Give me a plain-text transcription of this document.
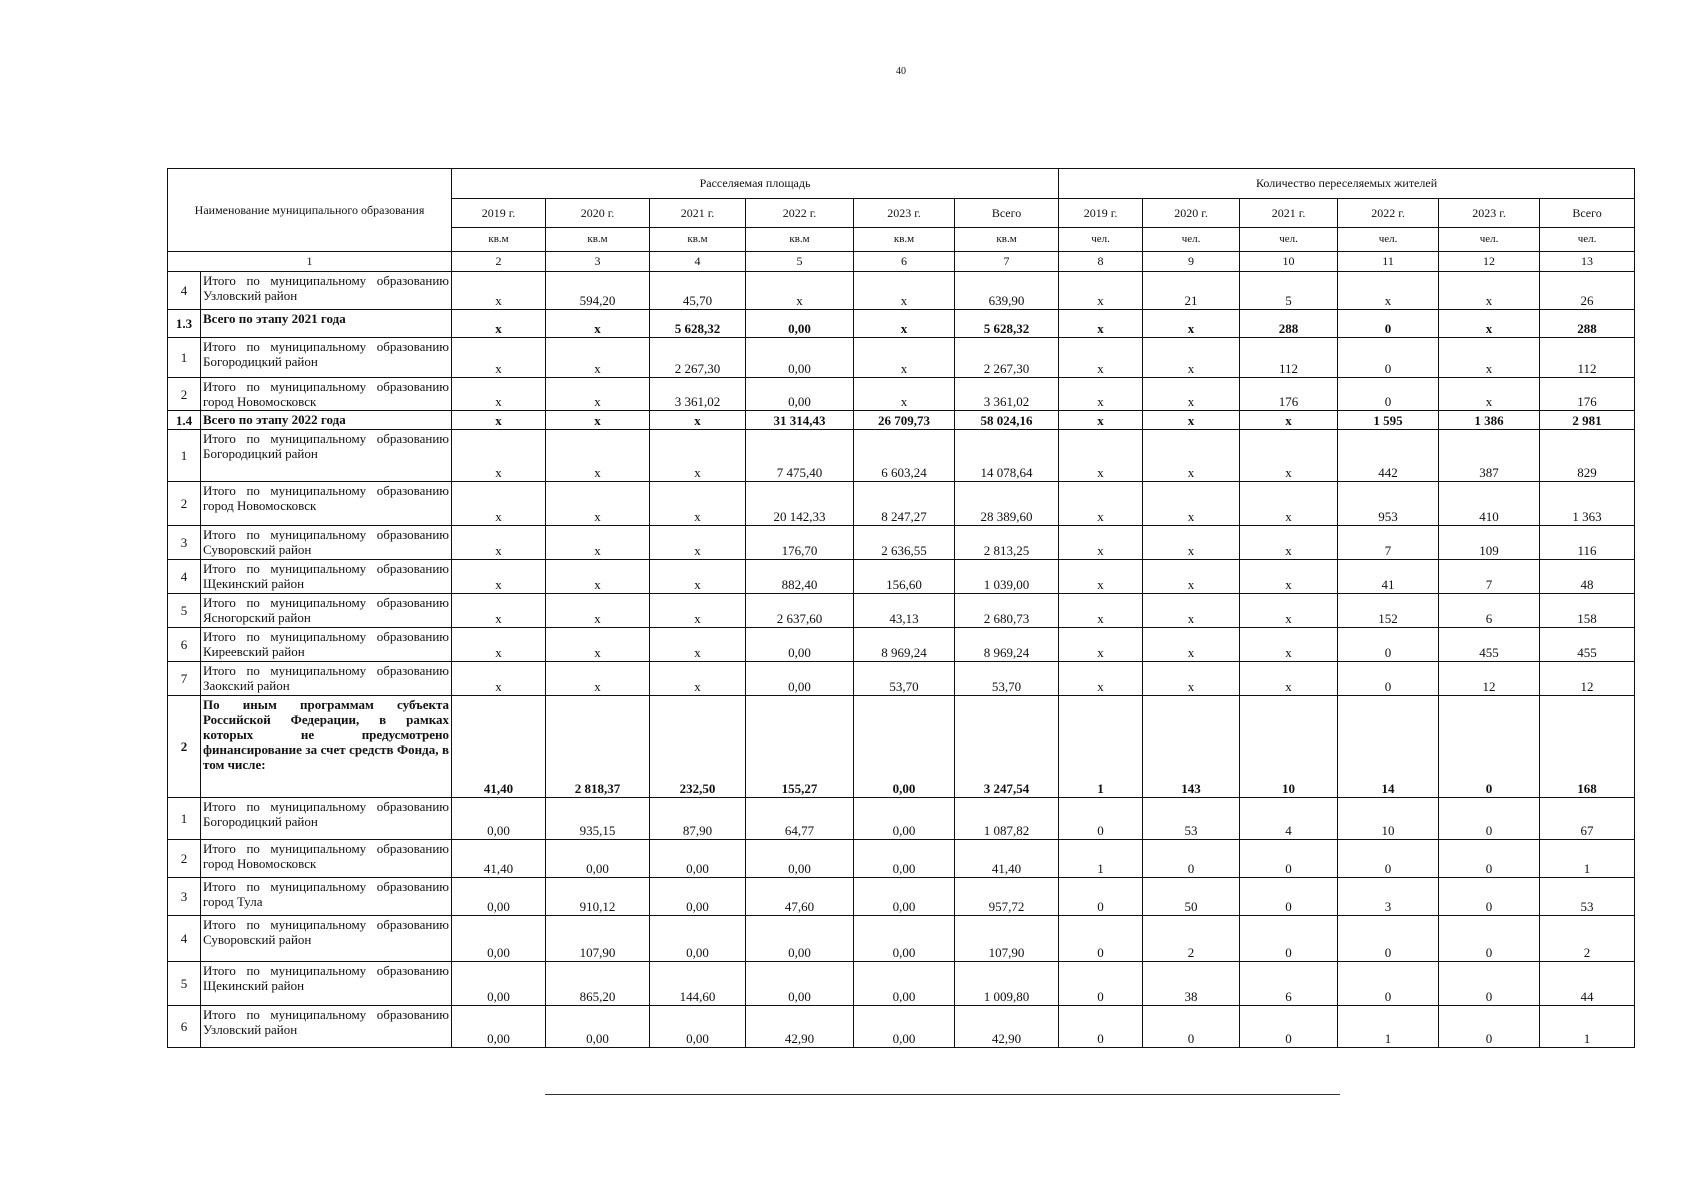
40
Наименование муниципального образования		Расселяемая площадь						Количество переселяемых жителей					
		2019 г.	2020 г.	2021 г.	2022 г.	2023 г.	Всего	2019 г.	2020 г.	2021 г.	2022 г.	2023 г.	Всего
		кв.м	кв.м	кв.м	кв.м	кв.м	кв.м	чел.	чел.	чел.	чел.	чел.	чел.
1		2	3	4	5	6	7	8	9	10	11	12	13
4	Итого по муниципальному образованию Узловский район	x	594,20	45,70	x	x	639,90	x	21	5	x	x	26
1.3	Всего по этапу 2021 года	x	x	5 628,32	0,00	x	5 628,32	x	x	288	0	x	288
1	Итого по муниципальному образованию Богородицкий район	x	x	2 267,30	0,00	x	2 267,30	x	x	112	0	x	112
2	Итого по муниципальному образованию город Новомосковск	x	x	3 361,02	0,00	x	3 361,02	x	x	176	0	x	176
1.4	Всего по этапу 2022 года	x	x	x	31 314,43	26 709,73	58 024,16	x	x	x	1 595	1 386	2 981
1	Итого по муниципальному образованию Богородицкий район	x	x	x	7 475,40	6 603,24	14 078,64	x	x	x	442	387	829
2	Итого по муниципальному образованию город Новомосковск	x	x	x	20 142,33	8 247,27	28 389,60	x	x	x	953	410	1 363
3	Итого по муниципальному образованию Суворовский район	x	x	x	176,70	2 636,55	2 813,25	x	x	x	7	109	116
4	Итого по муниципальному образованию Щекинский район	x	x	x	882,40	156,60	1 039,00	x	x	x	41	7	48
5	Итого по муниципальному образованию Ясногорский район	x	x	x	2 637,60	43,13	2 680,73	x	x	x	152	6	158
6	Итого по муниципальному образованию Киреевский район	x	x	x	0,00	8 969,24	8 969,24	x	x	x	0	455	455
7	Итого по муниципальному образованию Заокский район	x	x	x	0,00	53,70	53,70	x	x	x	0	12	12
2	По иным программам субъекта Российской Федерации, в рамках которых не предусмотрено финансирование за счет средств Фонда, в том числе:	41,40	2 818,37	232,50	155,27	0,00	3 247,54	1	143	10	14	0	168
1	Итого по муниципальному образованию Богородицкий район	0,00	935,15	87,90	64,77	0,00	1 087,82	0	53	4	10	0	67
2	Итого по муниципальному образованию город Новомосковск	41,40	0,00	0,00	0,00	0,00	41,40	1	0	0	0	0	1
3	Итого по муниципальному образованию город Тула	0,00	910,12	0,00	47,60	0,00	957,72	0	50	0	3	0	53
4	Итого по муниципальному образованию Суворовский район	0,00	107,90	0,00	0,00	0,00	107,90	0	2	0	0	0	2
5	Итого по муниципальному образованию Щекинский район	0,00	865,20	144,60	0,00	0,00	1 009,80	0	38	6	0	0	44
6	Итого по муниципальному образованию Узловский район	0,00	0,00	0,00	42,90	0,00	42,90	0	0	0	1	0	1
